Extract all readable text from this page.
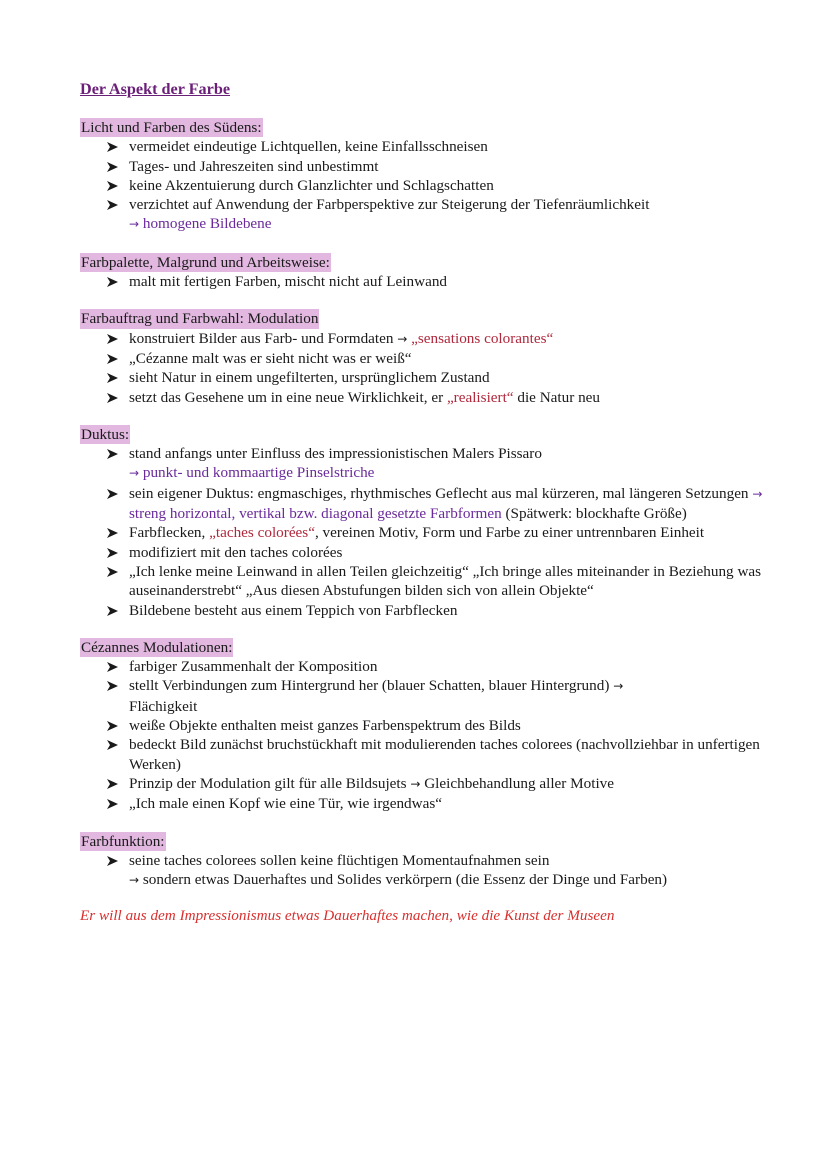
Der Aspekt der Farbe
Licht und Farben des Südens:
vermeidet eindeutige Lichtquellen, keine Einfallsschneisen
Tages- und Jahreszeiten sind unbestimmt
keine Akzentuierung durch Glanzlichter und Schlagschatten
verzichtet auf Anwendung der Farbperspektive zur Steigerung der Tiefenräumlichkeit
→ homogene Bildebene
Farbpalette, Malgrund und Arbeitsweise:
malt mit fertigen Farben, mischt nicht auf Leinwand
Farbauftrag und Farbwahl: Modulation
konstruiert Bilder aus Farb- und Formdaten → „sensations colorantes“
„Cézanne malt was er sieht nicht was er weiß“
sieht Natur in einem ungefilterten, ursprünglichem Zustand
setzt das Gesehene um in eine neue Wirklichkeit, er „realisiert“ die Natur neu
Duktus:
stand anfangs unter Einfluss des impressionistischen Malers Pissaro
→ punkt- und kommaartige Pinselstriche
sein eigener Duktus: engmaschiges, rhythmisches Geflecht aus mal kürzeren, mal längeren Setzungen → streng horizontal, vertikal bzw. diagonal gesetzte Farbformen (Spätwerk: blockhafte Größe)
Farbflecken, „taches colorées“, vereinen Motiv, Form und Farbe zu einer untrennbaren Einheit
modifiziert mit den taches colorées
„Ich lenke meine Leinwand in allen Teilen gleichzeitig“ „Ich bringe alles miteinander in Beziehung was auseinanderstrebt“ „Aus diesen Abstufungen bilden sich von allein Objekte“
Bildebene besteht aus einem Teppich von Farbflecken
Cézannes Modulationen:
farbiger Zusammenhalt der Komposition
stellt Verbindungen zum Hintergrund her (blauer Schatten, blauer Hintergrund) →
Flächigkeit
weiße Objekte enthalten meist ganzes Farbenspektrum des Bilds
bedeckt Bild zunächst bruchstückhaft mit modulierenden taches colorees (nachvollziehbar in unfertigen Werken)
Prinzip der Modulation gilt für alle Bildsujets → Gleichbehandlung aller Motive
„Ich male einen Kopf wie eine Tür, wie irgendwas“
Farbfunktion:
seine taches colorees sollen keine flüchtigen Momentaufnahmen sein
→ sondern etwas Dauerhaftes und Solides verkörpern (die Essenz der Dinge und Farben)
Er will aus dem Impressionismus etwas Dauerhaftes machen, wie die Kunst der Museen
